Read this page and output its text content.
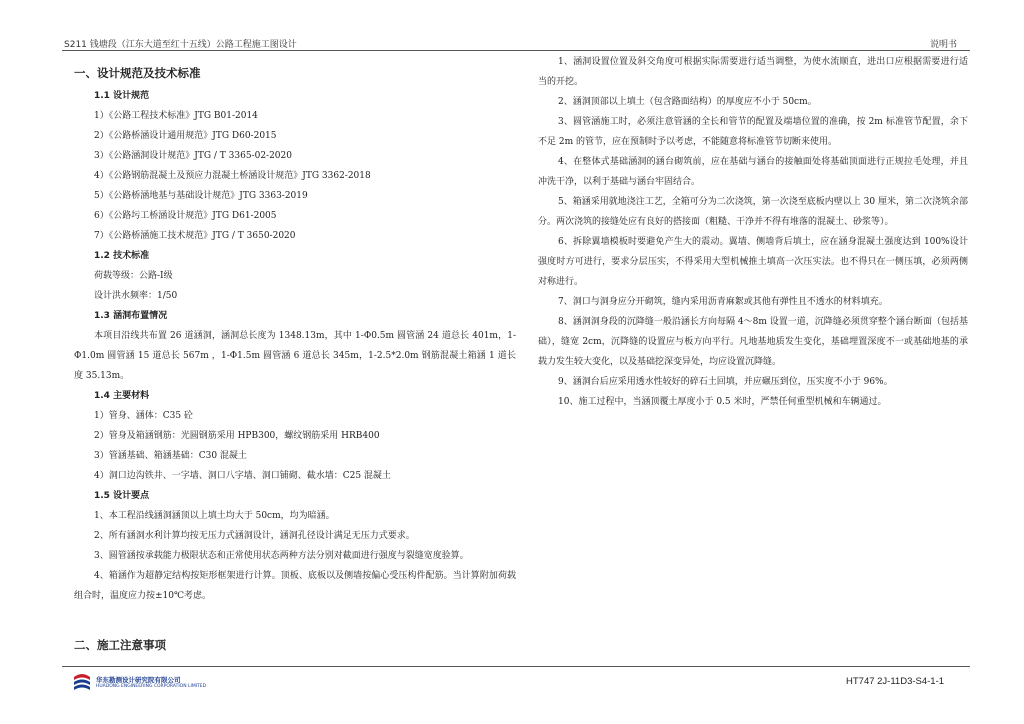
S211 钱塘段（江东大道至红十五线）公路工程施工图设计	说明书
一、设计规范及技术标准
1.1 设计规范
1）《公路工程技术标准》JTG B01-2014
2）《公路桥涵设计通用规范》JTG D60-2015
3）《公路涵洞设计规范》JTG / T 3365-02-2020
4）《公路钢筋混凝土及预应力混凝土桥涵设计规范》JTG 3362-2018
5）《公路桥涵地基与基础设计规范》JTG 3363-2019
6）《公路圬工桥涵设计规范》JTG D61-2005
7）《公路桥涵施工技术规范》JTG / T 3650-2020
1.2 技术标准
荷载等级：公路-Ⅰ级
设计洪水频率：1/50
1.3 涵洞布置情况
本项目沿线共布置 26 道涵洞，涵洞总长度为 1348.13m，其中 1-Φ0.5m 圆管涵 24 道总长 401m，1-Φ1.0m 圆管涵 15 道总长 567m ，1-Φ1.5m 圆管涵 6 道总长 345m，1-2.5*2.0m 钢筋混凝土箱涵 1 道长度 35.13m。
1.4 主要材料
1）管身、涵体：C35 砼
2）管身及箱涵钢筋：光圆钢筋采用 HPB300，螺纹钢筋采用 HRB400
3）管涵基础、箱涵基础：C30 混凝土
4）洞口边沟铁井、一字墙、洞口八字墙、洞口铺砌、截水墙：C25 混凝土
1.5 设计要点
1、本工程沿线涵洞涵顶以上填土均大于 50cm，均为暗涵。
2、所有涵洞水利计算均按无压力式涵洞设计，涵洞孔径设计满足无压力式要求。
3、圆管涵按承载能力极限状态和正常使用状态两种方法分别对截面进行强度与裂缝宽度验算。
4、箱涵作为超静定结构按矩形框架进行计算。顶板、底板以及侧墙按偏心受压构件配筋。当计算附加荷载组合时，温度应力按±10℃考虑。
二、施工注意事项
1、涵洞设置位置及斜交角度可根据实际需要进行适当调整，为使水流顺直，进出口应根据需要进行适当的开挖。
2、涵洞顶部以上填土（包含路面结构）的厚度应不小于 50cm。
3、圆管涵施工时，必须注意管涵的全长和管节的配置及端墙位置的准确，按 2m 标准管节配置，余下不足 2m 的管节，应在预制时予以考虑，不能随意将标准管节切断来使用。
4、在整体式基础涵洞的涵台砌筑前，应在基础与涵台的接触面处将基础顶面进行正规拉毛处理，并且冲洗干净，以利于基础与涵台牢固结合。
5、箱涵采用就地浇注工艺，全箱可分为二次浇筑，第一次浇至底板内壁以上 30 厘米，第二次浇筑余部分。两次浇筑的接缝处应有良好的搭接面（粗糙、干净并不得有堆落的混凝土、砂浆等）。
6、拆除翼墙模板时要避免产生大的震动。翼墙、侧墙背后填土，应在涵身混凝土强度达到 100%设计强度时方可进行，要求分层压实，不得采用大型机械推土填高一次压实法。也不得只在一侧压填，必须两侧对称进行。
7、洞口与洞身应分开砌筑，缝内采用沥青麻絮或其他有弹性且不透水的材料填充。
8、涵洞洞身段的沉降缝一般沿涵长方向每隔 4～8m 设置一道，沉降缝必须贯穿整个涵台断面（包括基础），缝宽 2cm，沉降缝的设置应与板方向平行。凡地基地质发生变化，基础埋置深度不一或基础地基的承载力发生较大变化，以及基础挖深变异处，均应设置沉降缝。
9、涵洞台后应采用透水性较好的碎石土回填，并应碾压到位，压实度不小于 96%。
10、施工过程中，当涵顶覆土厚度小于 0.5 米时，严禁任何重型机械和车辆通过。
华东勘测设计研究院有限公司
HUADONG ENGINEERING CORPORATION LIMITED	HT747 2J-11D3-S4-1-1
